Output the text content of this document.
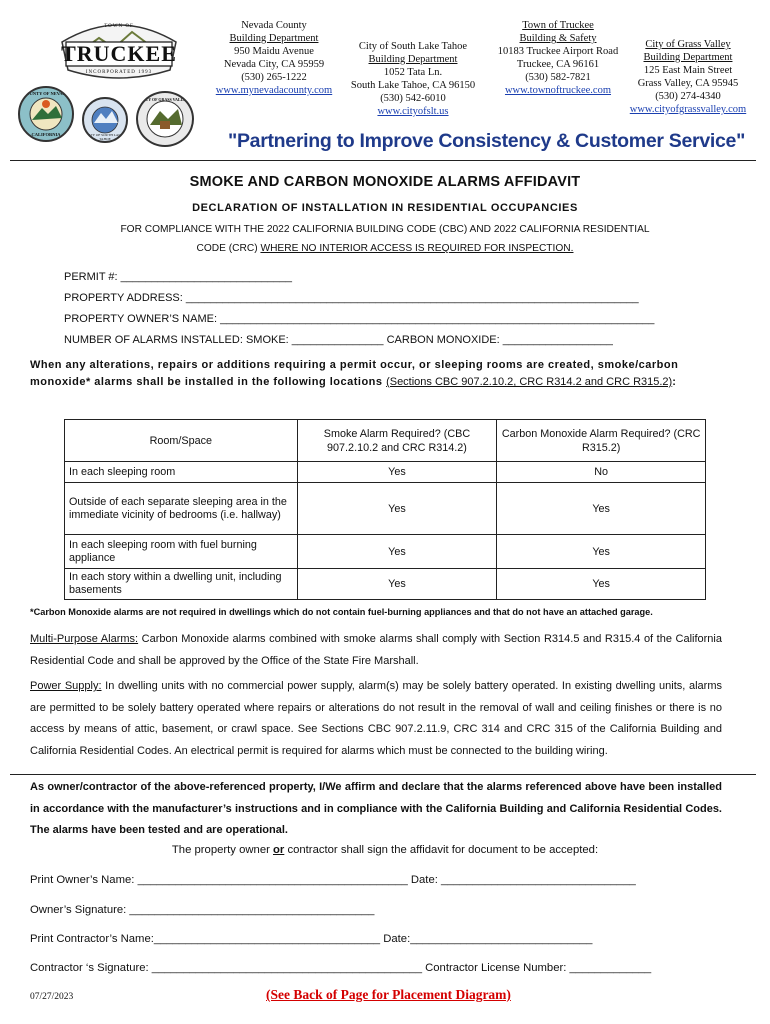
TOWN OF
TRUCKEE
INCORPORATED 1993
COUNTY OF NEVADA
CALIFORNIA	CITY OF SOUTH LAKE TAHOE
CITY OF GRASS VALLEY
Nevada County
Building Department
950 Maidu Avenue
Nevada City, CA 95959
(530) 265-1222
www.mynevadacounty.com
City of South Lake Tahoe
Building Department
1052 Tata Ln.
South Lake Tahoe, CA 96150
(530) 542-6010
www.cityofslt.us
Town of Truckee
Building & Safety
10183 Truckee Airport Road
Truckee, CA 96161
(530) 582-7821
www.townoftruckee.com
City of Grass Valley
Building Department
125 East Main Street
Grass Valley, CA 95945
(530) 274-4340
www.cityofgrassvalley.com
"Partnering to Improve Consistency & Customer Service"
SMOKE AND CARBON MONOXIDE ALARMS AFFIDAVIT
DECLARATION OF INSTALLATION IN RESIDENTIAL OCCUPANCIES
FOR COMPLIANCE WITH THE 2022 CALIFORNIA BUILDING CODE (CBC) AND 2022 CALIFORNIA RESIDENTIAL
CODE (CRC) WHERE NO INTERIOR ACCESS IS REQUIRED FOR INSPECTION.
PERMIT #: ____________________________
PROPERTY ADDRESS: __________________________________________________________________________
PROPERTY OWNER’S NAME: _______________________________________________________________________
NUMBER OF ALARMS INSTALLED: SMOKE: _______________ CARBON MONOXIDE: __________________
When any alterations, repairs or additions requiring a permit occur, or sleeping rooms are created, smoke/carbon monoxide* alarms shall be installed in the following locations (Sections CBC 907.2.10.2, CRC R314.2 and CRC R315.2):
Room/Space	Smoke Alarm Required? (CBC 907.2.10.2 and CRC R314.2)	Carbon Monoxide Alarm Required? (CRC R315.2)
In each sleeping room	Yes	No
Outside of each separate sleeping area in the immediate vicinity of bedrooms (i.e. hallway)	Yes	Yes
In each sleeping room with fuel burning appliance	Yes	Yes
In each story within a dwelling unit, including basements	Yes	Yes
*Carbon Monoxide alarms are not required in dwellings which do not contain fuel-burning appliances and that do not have an attached garage.
Multi-Purpose Alarms: Carbon Monoxide alarms combined with smoke alarms shall comply with Section R314.5 and R315.4 of the California Residential Code and shall be approved by the Office of the State Fire Marshall.
Power Supply: In dwelling units with no commercial power supply, alarm(s) may be solely battery operated. In existing dwelling units, alarms are permitted to be solely battery operated where repairs or alterations do not result in the removal of wall and ceiling finishes or there is no access by means of attic, basement, or crawl space. See Sections CBC 907.2.11.9, CRC 314 and CRC 315 of the California Building and California Residential Codes. An electrical permit is required for alarms which must be connected to the building wiring.
As owner/contractor of the above-referenced property, I/We affirm and declare that the alarms referenced above have been installed in accordance with the manufacturer’s instructions and in compliance with the California Building and California Residential Codes. The alarms have been tested and are operational.
The property owner or contractor shall sign the affidavit for document to be accepted:
Print Owner’s Name: ___________________________________________ Date: _______________________________
Owner’s Signature: _______________________________________
Print Contractor’s Name:____________________________________ Date:_____________________________
Contractor ‘s Signature: ___________________________________________ Contractor License Number: _____________
07/27/2023	(See Back of Page for Placement Diagram)
